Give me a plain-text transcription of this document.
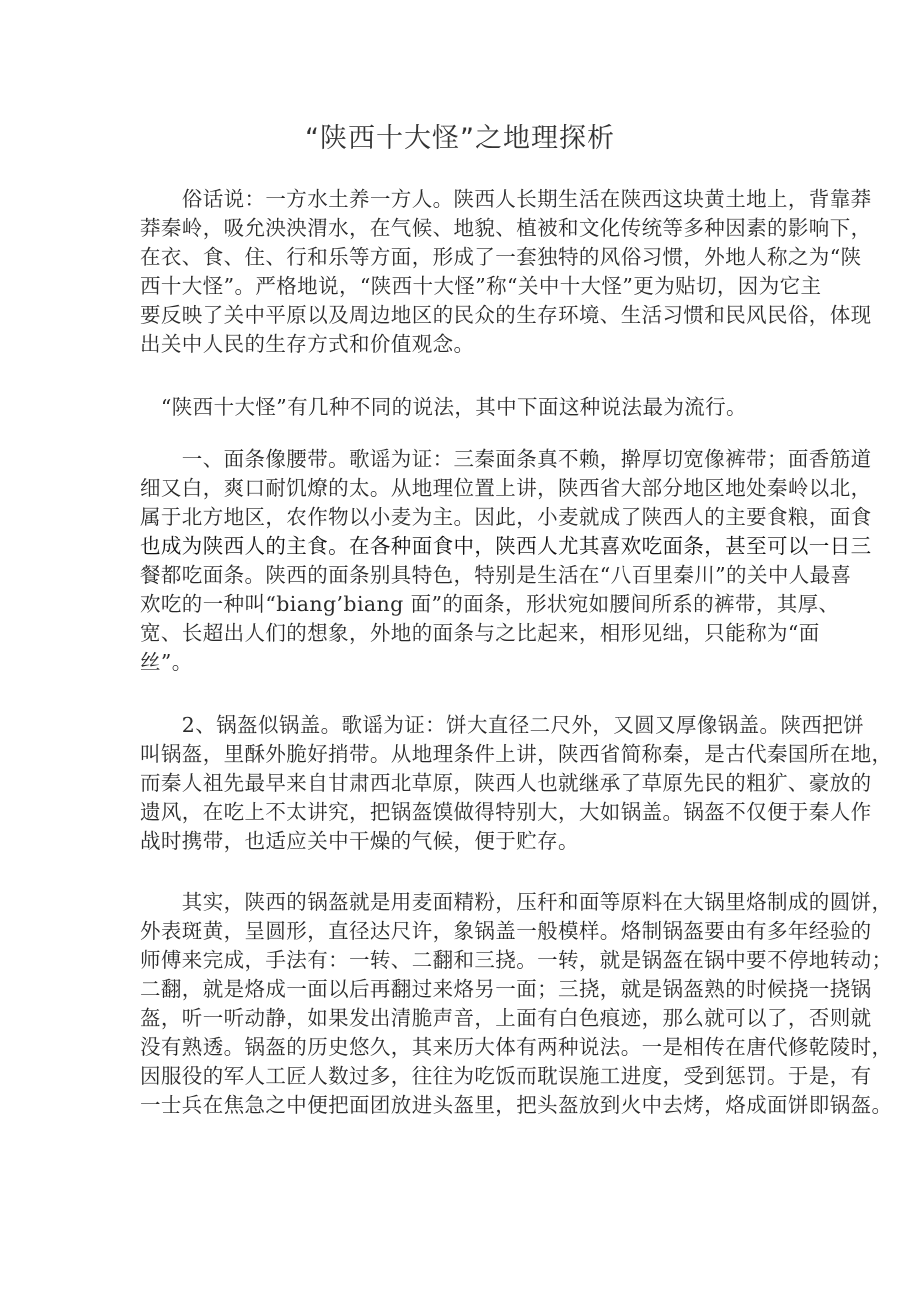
“陕西十大怪”之地理探析
　　俗话说：一方水土养一方人。陕西人长期生活在陕西这块黄土地上，背靠莽
莽秦岭，吸允泱泱渭水，在气候、地貌、植被和文化传统等多种因素的影响下，
在衣、食、住、行和乐等方面，形成了一套独特的风俗习惯，外地人称之为“陕
西十大怪”。严格地说，“陕西十大怪”称“关中十大怪”更为贴切，因为它主
要反映了关中平原以及周边地区的民众的生存环境、生活习惯和民风民俗，体现
出关中人民的生存方式和价值观念。
　“陕西十大怪”有几种不同的说法，其中下面这种说法最为流行。
　　一、面条像腰带。歌谣为证：三秦面条真不赖，擀厚切宽像裤带；面香筋道
细又白，爽口耐饥燎的太。从地理位置上讲，陕西省大部分地区地处秦岭以北，
属于北方地区，农作物以小麦为主。因此，小麦就成了陕西人的主要食粮，面食
也成为陕西人的主食。在各种面食中，陕西人尤其喜欢吃面条，甚至可以一日三
餐都吃面条。陕西的面条别具特色，特别是生活在“八百里秦川”的关中人最喜
欢吃的一种叫“biang’biang 面”的面条，形状宛如腰间所系的裤带，其厚、
宽、长超出人们的想象，外地的面条与之比起来，相形见绌，只能称为“面
丝”。
　　2、锅盔似锅盖。歌谣为证：饼大直径二尺外，又圆又厚像锅盖。陕西把饼
叫锅盔，里酥外脆好捎带。从地理条件上讲，陕西省简称秦，是古代秦国所在地，
而秦人祖先最早来自甘肃西北草原，陕西人也就继承了草原先民的粗犷、豪放的
遗风，在吃上不太讲究，把锅盔馍做得特别大，大如锅盖。锅盔不仅便于秦人作
战时携带，也适应关中干燥的气候，便于贮存。
　　其实，陕西的锅盔就是用麦面精粉，压秆和面等原料在大锅里烙制成的圆饼，
外表斑黄，呈圆形，直径达尺许，象锅盖一般模样。烙制锅盔要由有多年经验的
师傅来完成，手法有：一转、二翻和三挠。一转，就是锅盔在锅中要不停地转动；
二翻，就是烙成一面以后再翻过来烙另一面；三挠，就是锅盔熟的时候挠一挠锅
盔，听一听动静，如果发出清脆声音，上面有白色痕迹，那么就可以了，否则就
没有熟透。锅盔的历史悠久，其来历大体有两种说法。一是相传在唐代修乾陵时，
因服役的军人工匠人数过多，往往为吃饭而耽误施工进度，受到惩罚。于是，有
一士兵在焦急之中便把面团放进头盔里，把头盔放到火中去烤，烙成面饼即锅盔。
